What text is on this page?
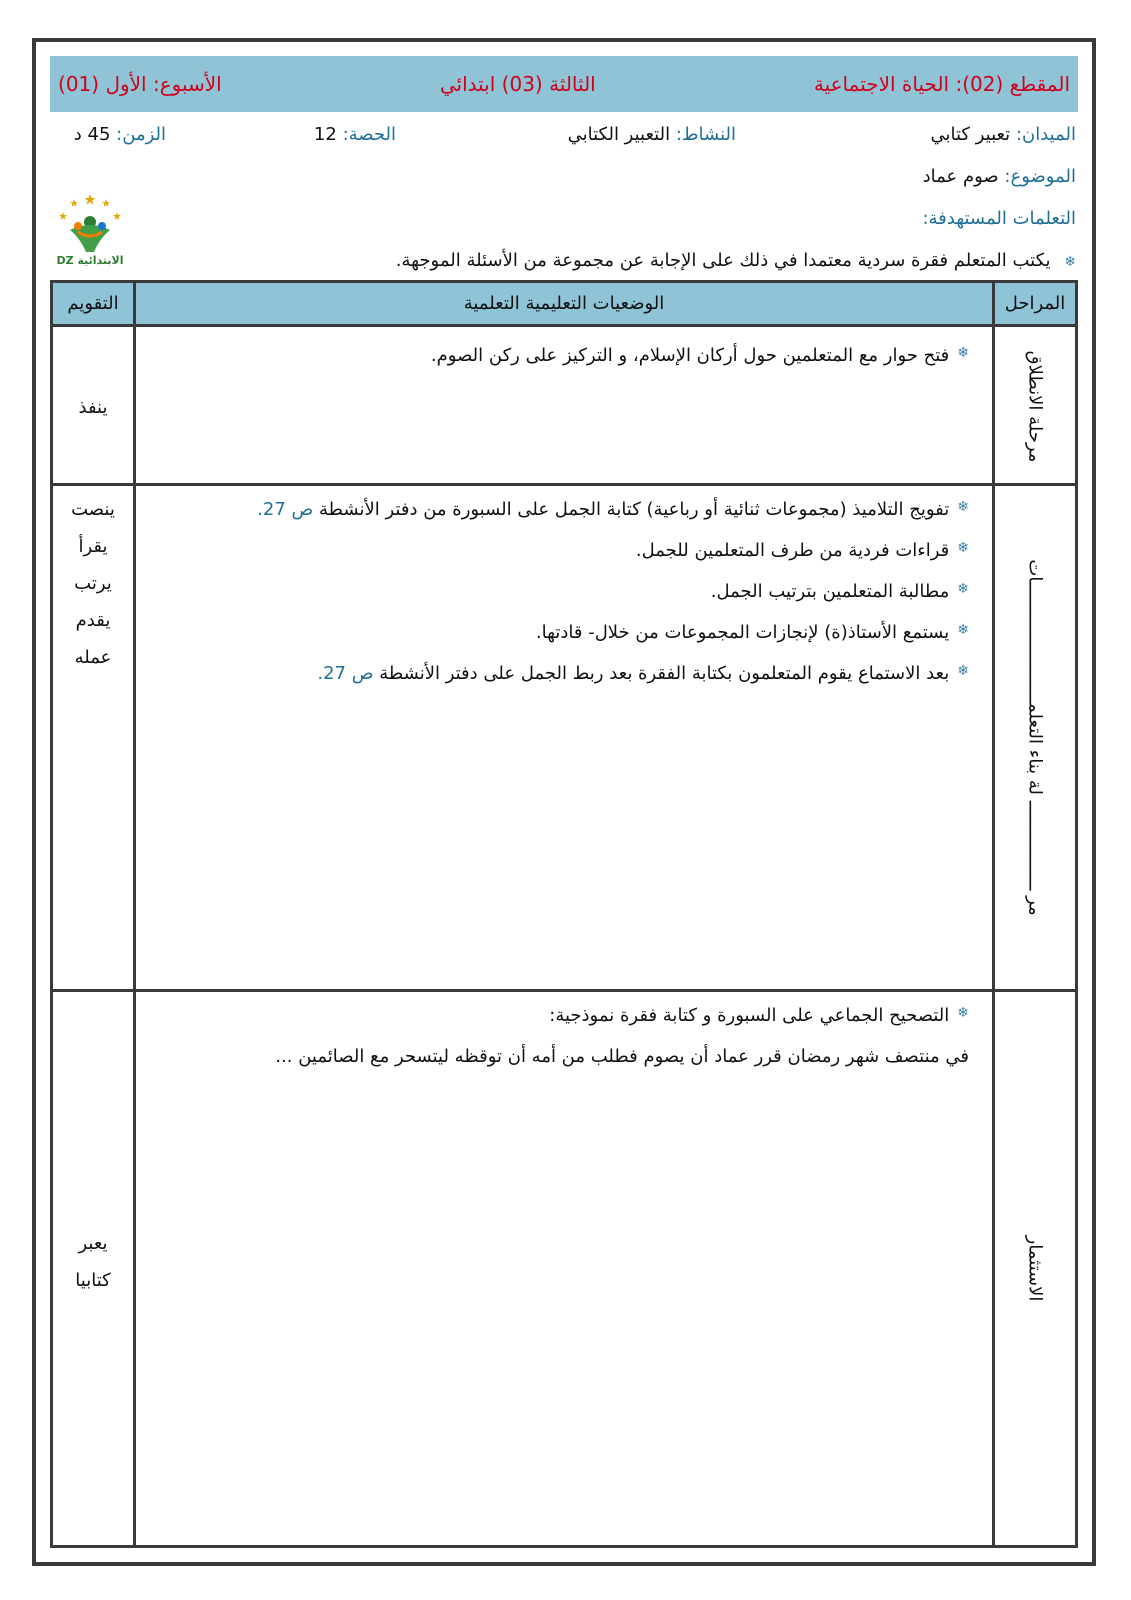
المقطع (02): الحياة الاجتماعية
الثالثة (03) ابتدائي
الأسبوع: الأول (01)
الميدان: تعبير كتابي
النشاط: التعبير الكتابي
الحصة: 12
الزمن: 45 د
الموضوع: صوم عماد
التعلمات المستهدفة:
❄ يكتب المتعلم فقرة سردية معتمدا في ذلك على الإجابة عن مجموعة من الأسئلة الموجهة.
الابتدائية DZ
المراحل
الوضعيات التعليمية التعلمية
التقويم
مرحلة الانطلاق
❄
فتح حوار مع المتعلمين حول أركان الإسلام، و التركيز على ركن الصوم.
ينفذ
مر ـــــــــــــــــ لة بناء التعلمـــــــــــــــــــــــات
❄
تفويج التلاميذ (مجموعات ثنائية أو رباعية) كتابة الجمل على السبورة من دفتر الأنشطة

ص 27.
❄
قراءات فردية من طرف المتعلمين للجمل.
❄
مطالبة المتعلمين بترتيب الجمل.
❄
يستمع الأستاذ(ة) لإنجازات المجموعات من خلال- قادتها.
❄
بعد الاستماع يقوم المتعلمون بكتابة الفقرة بعد ربط الجمل على دفتر الأنشطة

ص 27.
ينصت
يقرأ
يرتب
يقدم
عمله
الاستثمار
❄
التصحيح الجماعي على السبورة و كتابة فقرة نموذجية:
في منتصف شهر رمضان قرر عماد أن يصوم فطلب من أمه أن توقظه ليتسحر مع الصائمين ...
يعبر
كتابيا
